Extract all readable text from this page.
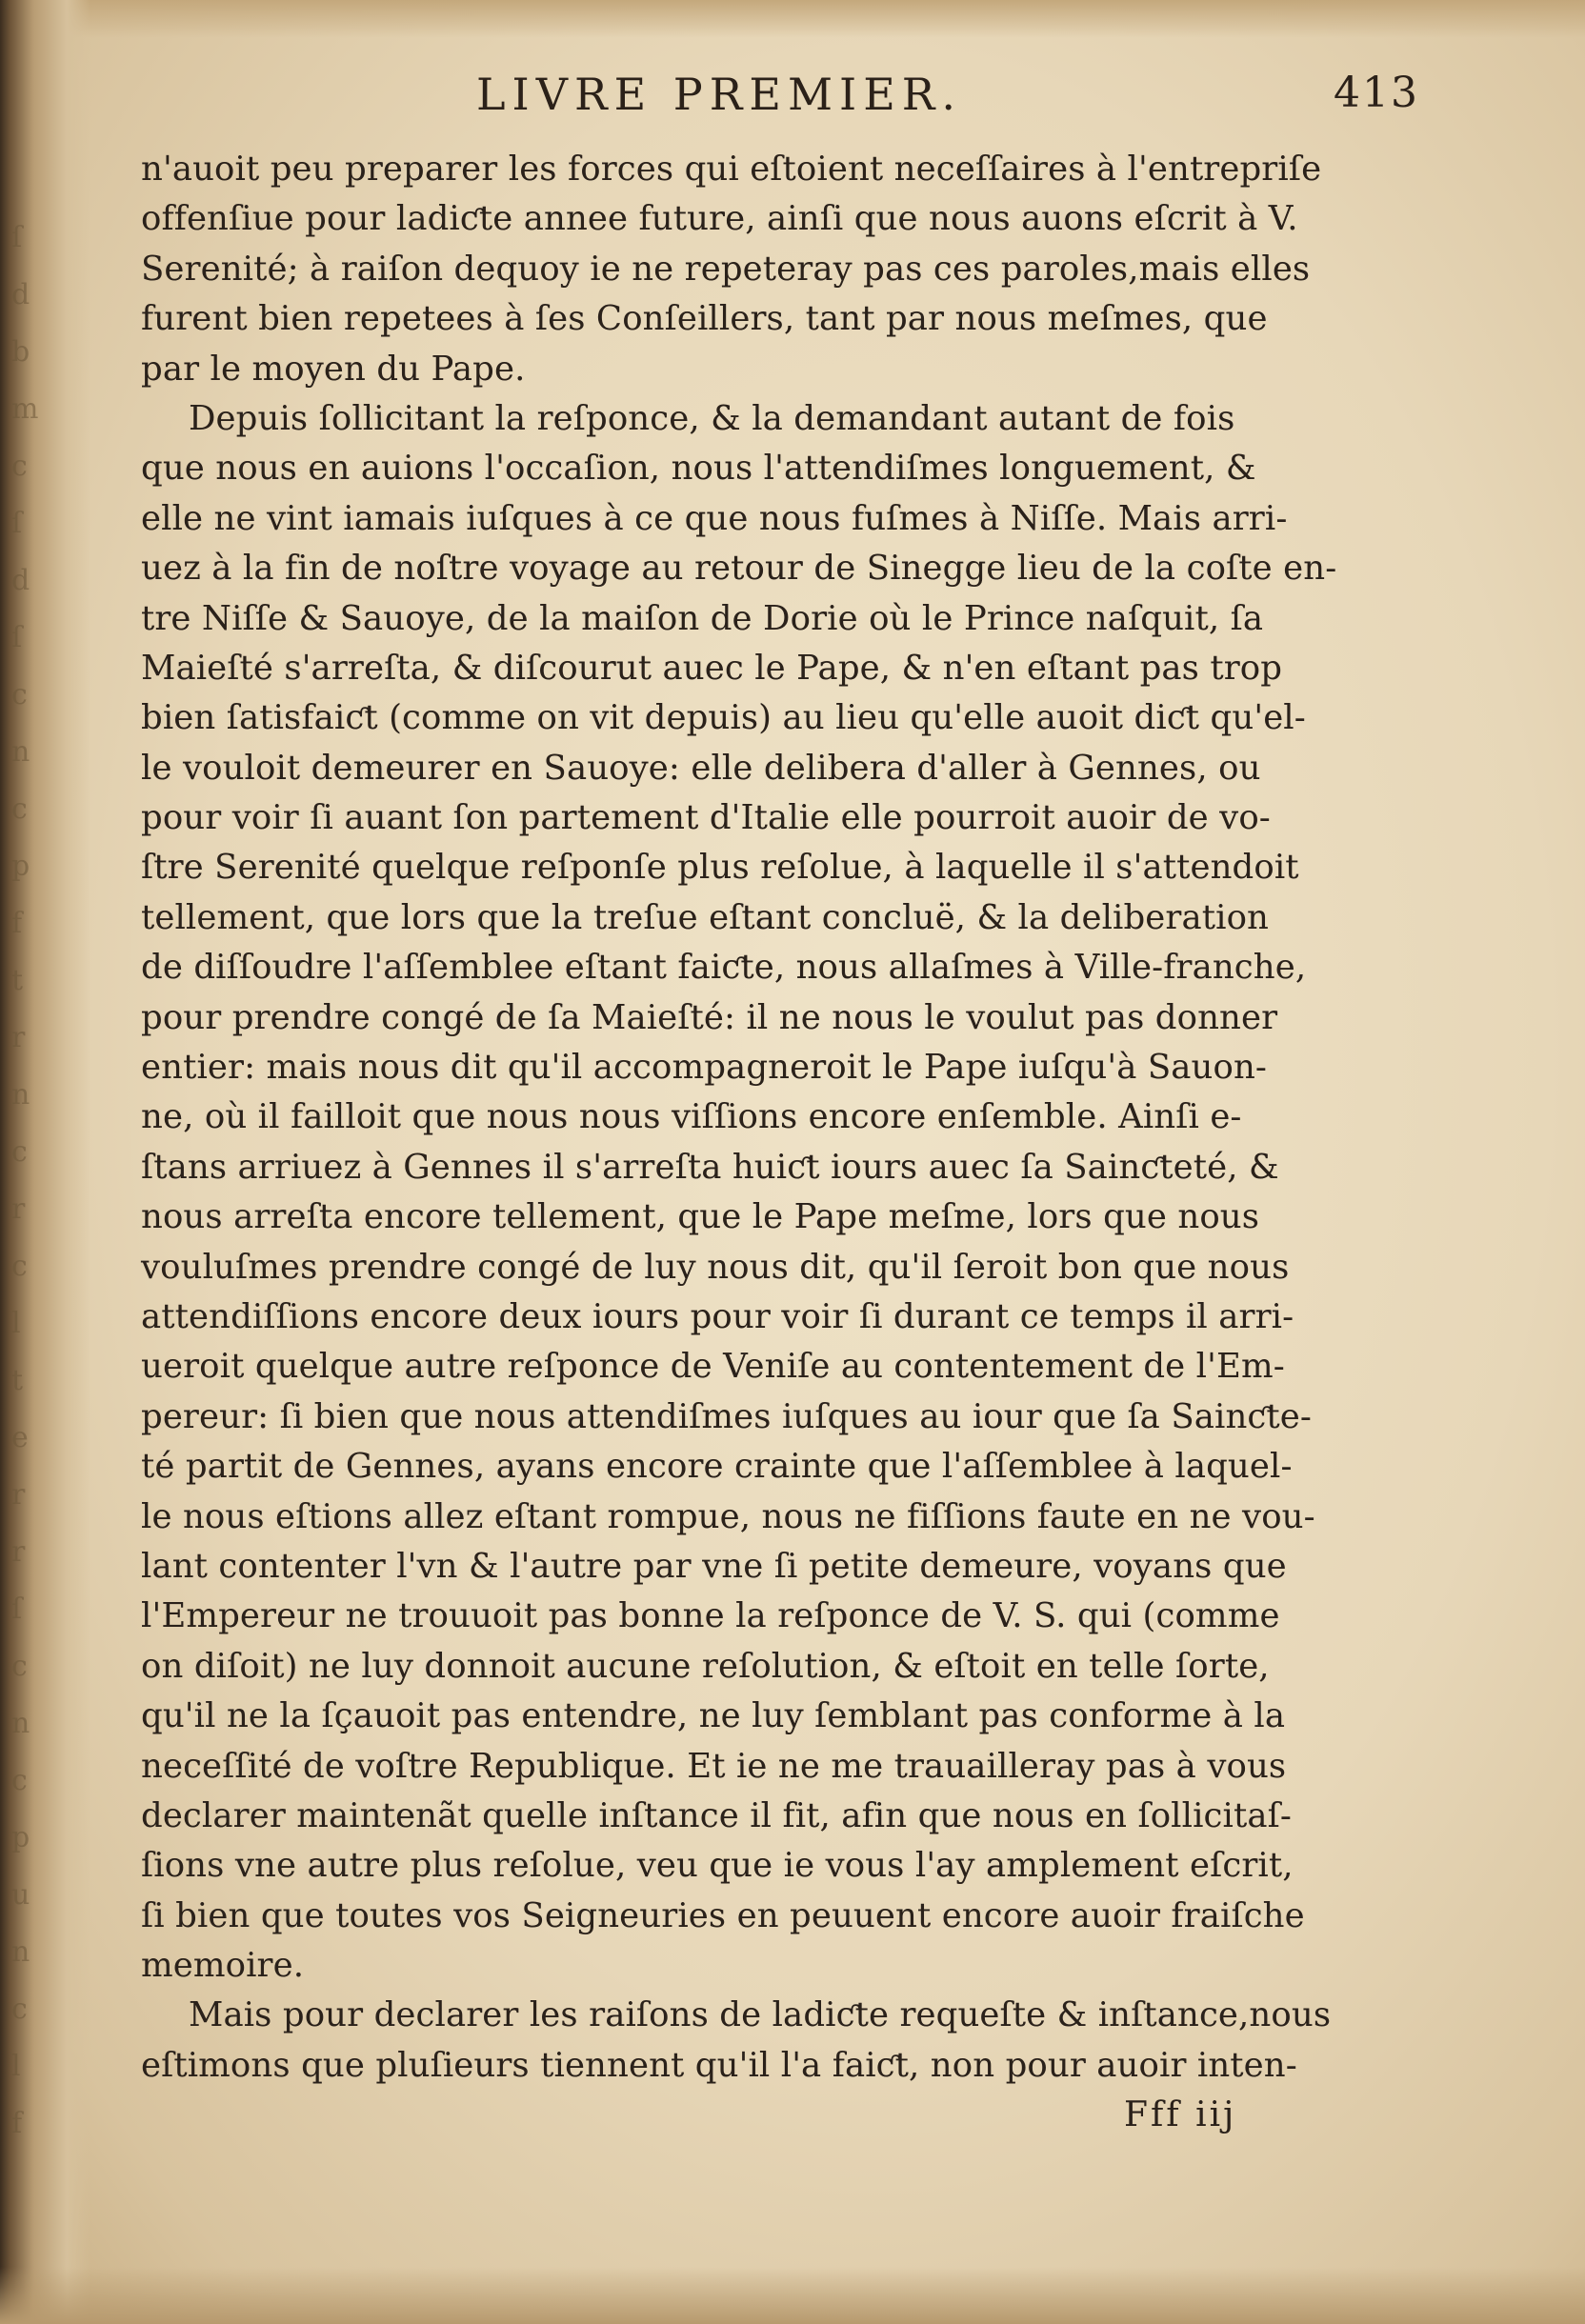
ſ
d
b
m
c
ſ
d
ſ
c
n
c
p
f
t
r
n
c
r
c
l
t
e
r
r
ſ
c
n
c
p
u
n
c
l
f

LIVRE PREMIER.	413
n'auoit peu preparer les forces qui eſtoient neceſſaires à l'entrepriſe
offenſiue pour ladiƈte annee future, ainſi que nous auons eſcrit à V.
Serenité; à raiſon dequoy ie ne repeteray pas ces paroles,mais elles
furent bien repetees à ſes Conſeillers, tant par nous meſmes, que
par le moyen du Pape.
Depuis ſollicitant la reſponce, & la demandant autant de fois
que nous en auions l'occaſion, nous l'attendiſmes longuement, &
elle ne vint iamais iuſques à ce que nous fuſmes à Niſſe. Mais arri-
uez à la fin de noſtre voyage au retour de Sinegge lieu de la coſte en-
tre Niſſe & Sauoye, de la maiſon de Dorie où le Prince naſquit, ſa
Maieſté s'arreſta, & diſcourut auec le Pape, & n'en eſtant pas trop
bien ſatisfaiƈt (comme on vit depuis) au lieu qu'elle auoit diƈt qu'el-
le vouloit demeurer en Sauoye: elle delibera d'aller à Gennes, ou
pour voir ſi auant ſon partement d'Italie elle pourroit auoir de vo-
ſtre Serenité quelque reſponſe plus reſolue, à laquelle il s'attendoit
tellement, que lors que la treſue eſtant concluë, & la deliberation
de diſſoudre l'aſſemblee eſtant faiƈte, nous allaſmes à Ville-franche,
pour prendre congé de ſa Maieſté: il ne nous le voulut pas donner
entier: mais nous dit qu'il accompagneroit le Pape iuſqu'à Sauon-
ne, où il failloit que nous nous viſſions encore enſemble. Ainſi e-
ſtans arriuez à Gennes il s'arreſta huiƈt iours auec ſa Sainƈteté, &
nous arreſta encore tellement, que le Pape meſme, lors que nous
vouluſmes prendre congé de luy nous dit, qu'il ſeroit bon que nous
attendiſſions encore deux iours pour voir ſi durant ce temps il arri-
ueroit quelque autre reſponce de Veniſe au contentement de l'Em-
pereur: ſi bien que nous attendiſmes iuſques au iour que ſa Sainƈte-
té partit de Gennes, ayans encore crainte que l'aſſemblee à laquel-
le nous eſtions allez eſtant rompue, nous ne fiſſions faute en ne vou-
lant contenter l'vn & l'autre par vne ſi petite demeure, voyans que
l'Empereur ne trouuoit pas bonne la reſponce de V. S. qui (comme
on diſoit) ne luy donnoit aucune reſolution, & eſtoit en telle ſorte,
qu'il ne la ſçauoit pas entendre, ne luy ſemblant pas conforme à la
neceſſité de voſtre Republique. Et ie ne me trauailleray pas à vous
declarer maintenãt quelle inſtance il fit, afin que nous en ſollicitaſ-
ſions vne autre plus reſolue, veu que ie vous l'ay amplement eſcrit,
ſi bien que toutes vos Seigneuries en peuuent encore auoir fraiſche
memoire.
Mais pour declarer les raiſons de ladiƈte requeſte & inſtance,nous
eſtimons que pluſieurs tiennent qu'il l'a faiƈt, non pour auoir inten-
Fff iij
